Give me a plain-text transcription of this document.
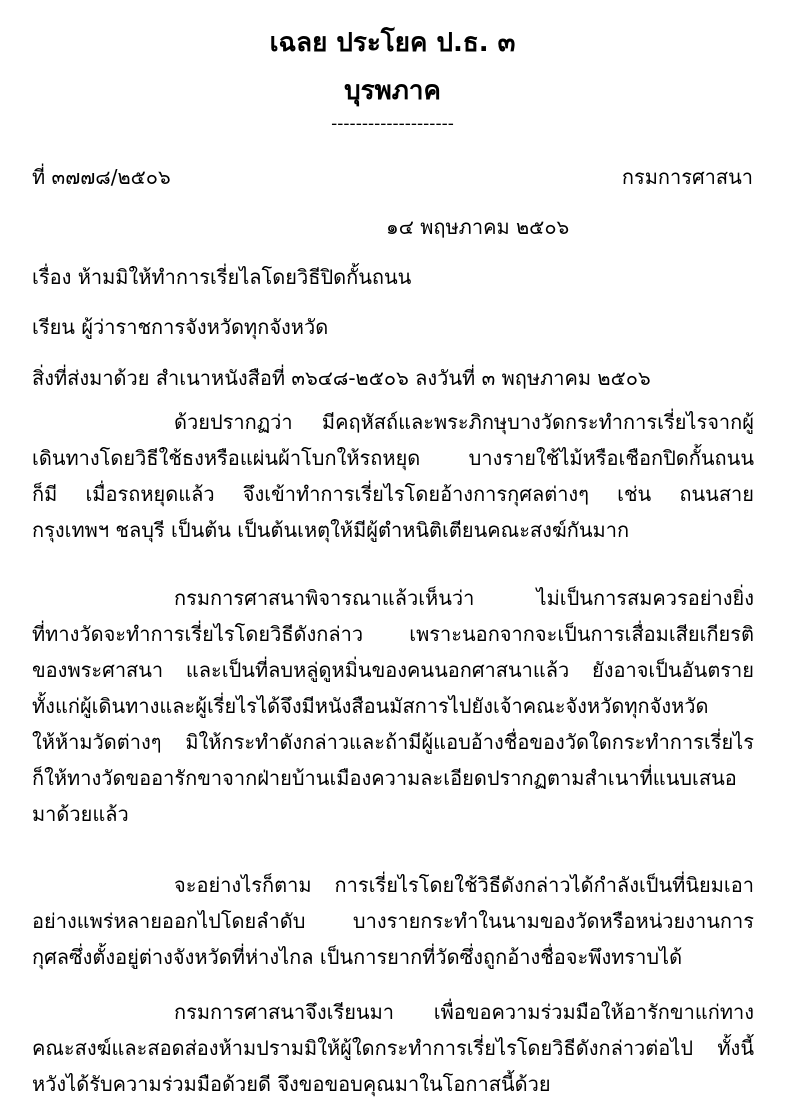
เฉลย ประโยค ป.ธ. ๓
บุรพภาค
--------------------
ที่ ๓๗๗๘/๒๕๐๖	กรมการศาสนา
๑๔ พฤษภาคม ๒๕๐๖
เรื่อง ห้ามมิให้ทำการเรี่ยไลโดยวิธีปิดกั้นถนน
เรียน ผู้ว่าราชการจังหวัดทุกจังหวัด
สิ่งที่ส่งมาด้วย สำเนาหนังสือที่ ๓๖๔๘-๒๕๐๖ ลงวันที่ ๓ พฤษภาคม ๒๕๐๖
ด้วยปรากฏว่า มีคฤหัสถ์และพระภิกษุบางวัดกระทำการเรี่ยไรจากผู้
เดินทางโดยวิธีใช้ธงหรือแผ่นผ้าโบกให้รถหยุด บางรายใช้ไม้หรือเชือกปิดกั้นถนน
ก็มี เมื่อรถหยุดแล้ว จึงเข้าทำการเรี่ยไรโดยอ้างการกุศลต่างๆ เช่น ถนนสาย
กรุงเทพฯ ชลบุรี เป็นต้น เป็นต้นเหตุให้มีผู้ตำหนิติเตียนคณะสงฆ์กันมาก
กรมการศาสนาพิจารณาแล้วเห็นว่า ไม่เป็นการสมควรอย่างยิ่ง
ที่ทางวัดจะทำการเรี่ยไรโดยวิธีดังกล่าว เพราะนอกจากจะเป็นการเสื่อมเสียเกียรติ
ของพระศาสนา และเป็นที่ลบหลู่ดูหมิ่นของคนนอกศาสนาแล้ว ยังอาจเป็นอันตราย
ทั้งแก่ผู้เดินทางและผู้เรี่ยไรได้จึงมีหนังสือนมัสการไปยังเจ้าคณะจังหวัดทุกจังหวัด
ให้ห้ามวัดต่างๆ มิให้กระทำดังกล่าวและถ้ามีผู้แอบอ้างชื่อของวัดใดกระทำการเรี่ยไร
ก็ให้ทางวัดขออารักขาจากฝ่ายบ้านเมืองความละเอียดปรากฏตามสำเนาที่แนบเสนอ
มาด้วยแล้ว
จะอย่างไรก็ตาม การเรี่ยไรโดยใช้วิธีดังกล่าวได้กำลังเป็นที่นิยมเอา
อย่างแพร่หลายออกไปโดยลำดับ บางรายกระทำในนามของวัดหรือหน่วยงานการ
กุศลซึ่งตั้งอยู่ต่างจังหวัดที่ห่างไกล เป็นการยากที่วัดซึ่งถูกอ้างชื่อจะพึงทราบได้
กรมการศาสนาจึงเรียนมา เพื่อขอความร่วมมือให้อารักขาแก่ทาง
คณะสงฆ์และสอดส่องห้ามปรามมิให้ผู้ใดกระทำการเรี่ยไรโดยวิธีดังกล่าวต่อไป ทั้งนี้
หวังได้รับความร่วมมือด้วยดี จึงขอขอบคุณมาในโอกาสนี้ด้วย
